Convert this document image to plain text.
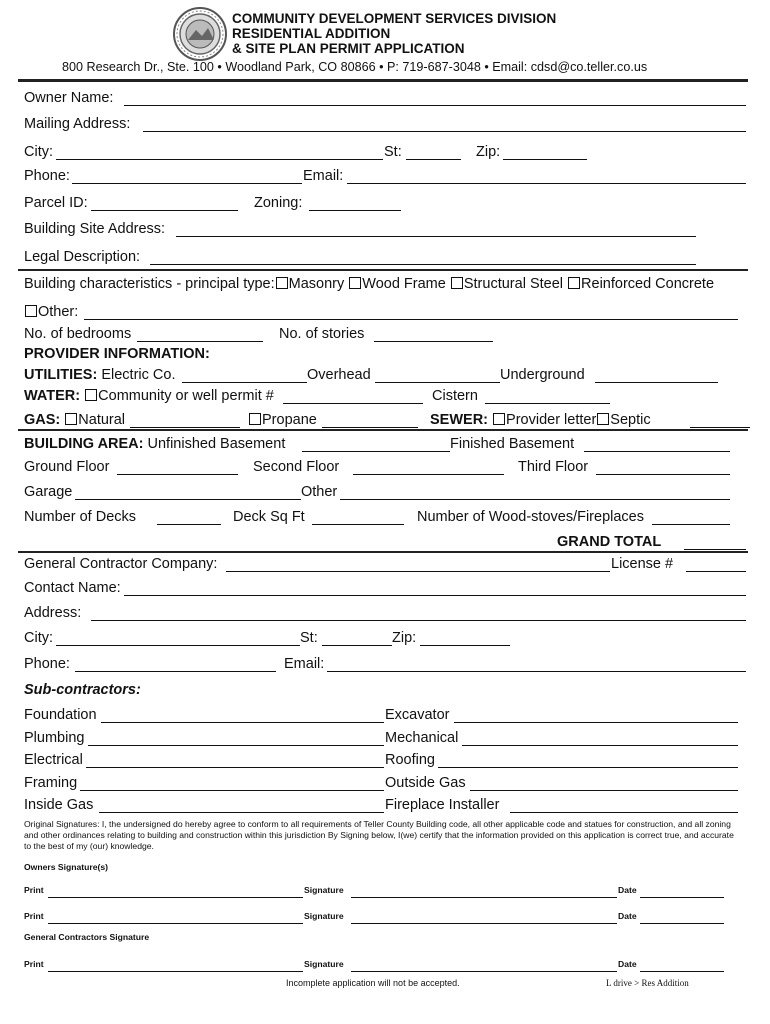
COMMUNITY DEVELOPMENT SERVICES DIVISION
RESIDENTIAL ADDITION
& SITE PLAN PERMIT APPLICATION
800 Research Dr., Ste. 100 • Woodland Park, CO 80866 • P: 719-687-3048 • Email: cdsd@co.teller.co.us
Owner Name:
Mailing Address:
City:	St:	Zip:
Phone:	Email:
Parcel ID:	Zoning:
Building Site Address:
Legal Description:
Building characteristics - principal type: Masonry Wood Frame Structural Steel Reinforced Concrete
Other:
No. of bedrooms	No. of stories
PROVIDER INFORMATION:
UTILITIES: Electric Co.	Overhead	Underground
WATER: Community or well permit #	Cistern
GAS: Natural	Propane	SEWER: Provider letter Septic
BUILDING AREA: Unfinished Basement	Finished Basement
Ground Floor	Second Floor	Third Floor
Garage	Other
Number of Decks	Deck Sq Ft	Number of Wood-stoves/Fireplaces
GRAND TOTAL
General Contractor Company:	License #
Contact Name:
Address:
City:	St:	Zip:
Phone:	Email:
Sub-contractors:
Foundation	Excavator
Plumbing	Mechanical
Electrical	Roofing
Framing	Outside Gas
Inside Gas	Fireplace Installer
Original Signatures: I, the undersigned do hereby agree to conform to all requirements of Teller County Building code, all other applicable code and statues for construction, and all zoning and other ordinances relating to building and construction within this jurisdiction By Signing below, I(we) certify that the information provided on this application is correct true, and accurate to the best of my (our) knowledge.
Owners Signature(s)
Print	Signature	Date
Print	Signature	Date
General Contractors Signature
Print	Signature	Date
Incomplete application will not be accepted.	L drive > Res Addition
